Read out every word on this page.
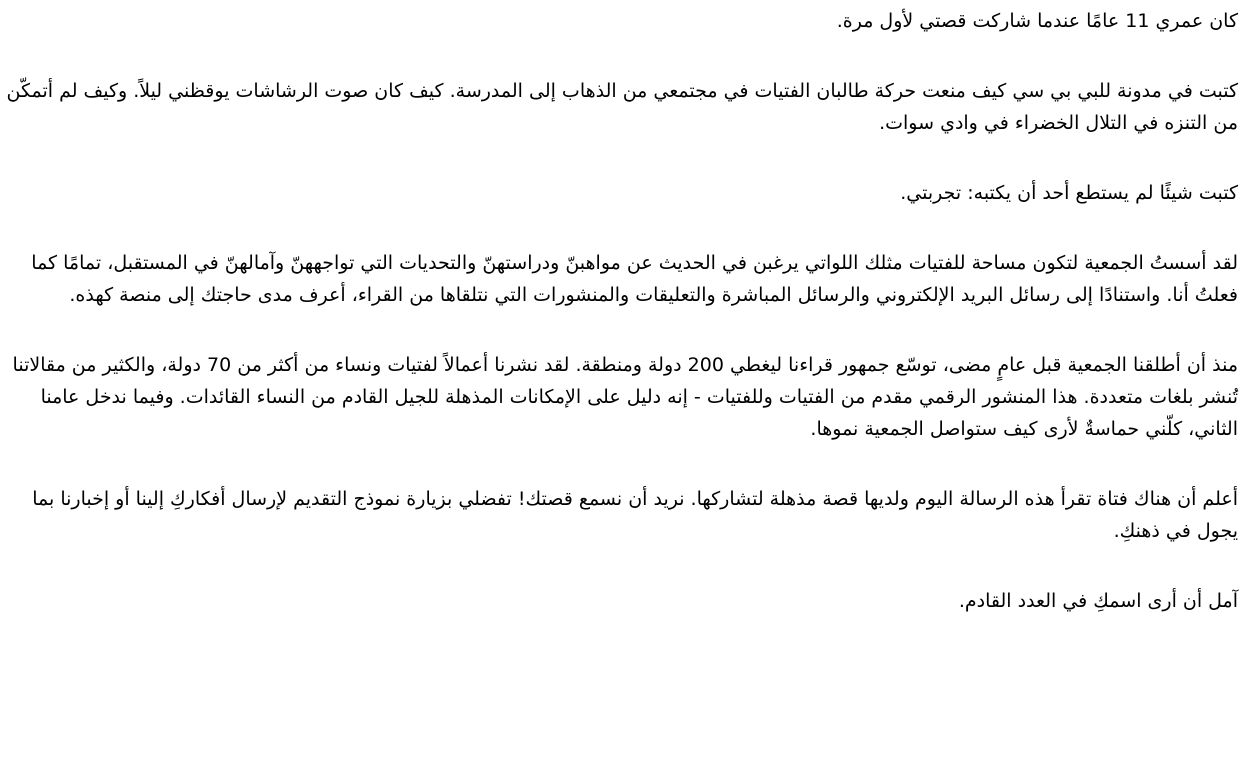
كان عمري 11 عامًا عندما شاركت قصتي لأول مرة.

كتبت في مدونة للبي بي سي كيف منعت حركة طالبان الفتيات في مجتمعي من الذهاب إلى المدرسة. كيف كان صوت الرشاشات يوقظني ليلاً. وكيف لم أتمكّن من التنزه في التلال الخضراء في وادي سوات.

كتبت شيئًا لم يستطع أحد أن يكتبه: تجربتي.

لقد أسستُ الجمعية لتكون مساحة للفتيات مثلك اللواتي يرغبن في الحديث عن مواهبنّ ودراستهنّ والتحديات التي تواجههنّ وآمالهنّ في المستقبل، تمامًا كما فعلتُ أنا. واستنادًا إلى رسائل البريد الإلكتروني والرسائل المباشرة والتعليقات والمنشورات التي نتلقاها من القراء، أعرف مدى حاجتك إلى منصة كهذه.

منذ أن أطلقنا الجمعية قبل عامٍ مضى، توسّع جمهور قراءنا ليغطي 200 دولة ومنطقة. لقد نشرنا أعمالاً لفتيات ونساء من أكثر من 70 دولة، والكثير من مقالاتنا تُنشر بلغات متعددة. هذا المنشور الرقمي مقدم من الفتيات وللفتيات - إنه دليل على الإمكانات المذهلة للجيل القادم من النساء القائدات. وفيما ندخل عامنا الثاني، كلّني حماسةٌ لأرى كيف ستواصل الجمعية نموها.

أعلم أن هناك فتاة تقرأ هذه الرسالة اليوم ولديها قصة مذهلة لتشاركها. نريد أن نسمع قصتك! تفضلي بزيارة نموذج التقديم لإرسال أفكاركِ إلينا أو إخبارنا بما يجول في ذهنكِ.

آمل أن أرى اسمكِ في العدد القادم.
